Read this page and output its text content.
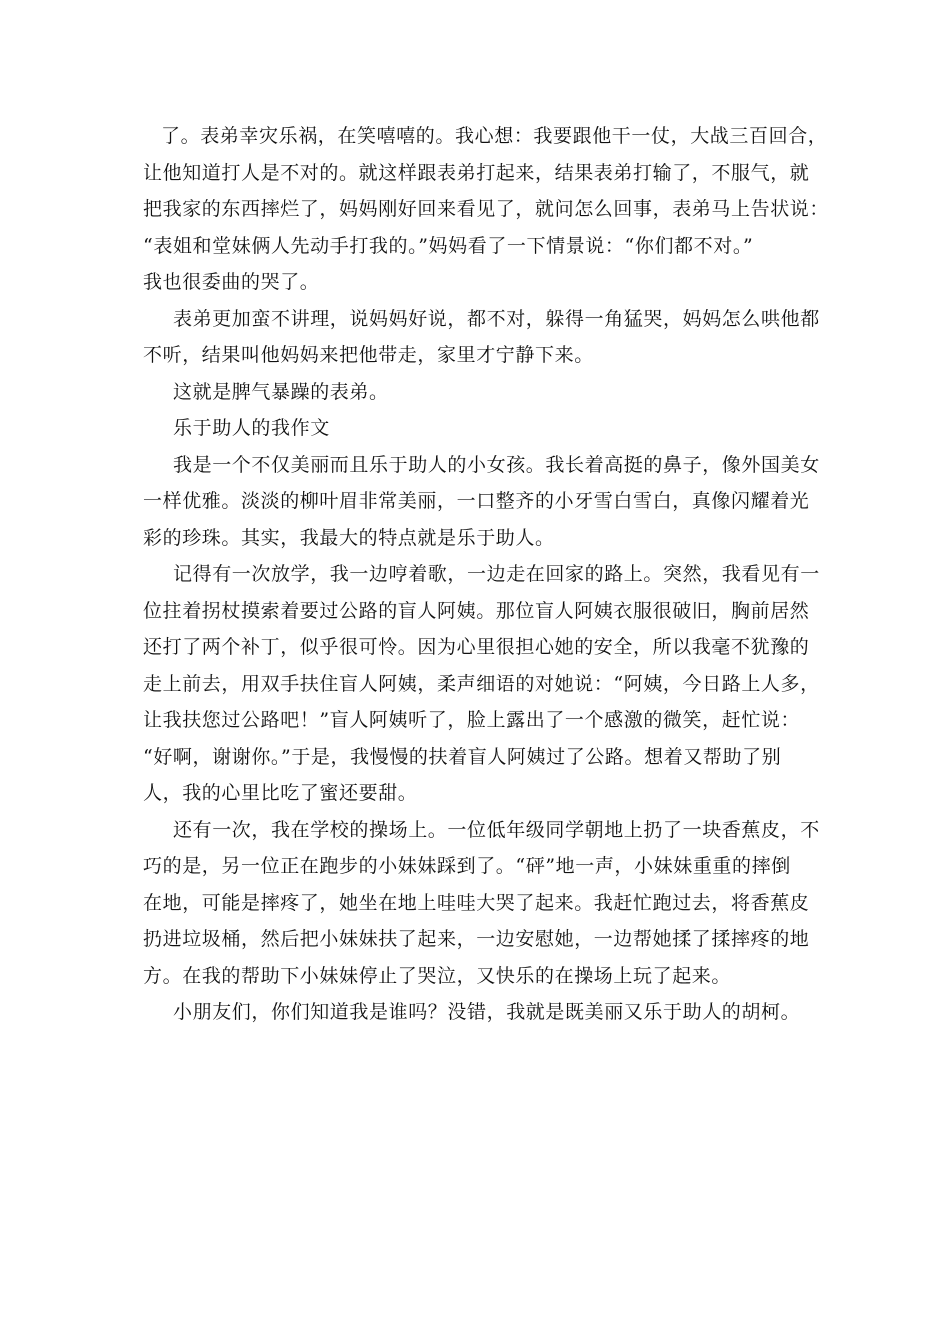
了。表弟幸灾乐祸，在笑嘻嘻的。我心想：我要跟他干一仗，大战三百回合，
让他知道打人是不对的。就这样跟表弟打起来，结果表弟打输了，不服气，就
把我家的东西摔烂了，妈妈刚好回来看见了，就问怎么回事，表弟马上告状说：
“表姐和堂妹俩人先动手打我的。”妈妈看了一下情景说：“你们都不对。”
我也很委曲的哭了。
表弟更加蛮不讲理，说妈妈好说，都不对，躲得一角猛哭，妈妈怎么哄他都
不听，结果叫他妈妈来把他带走，家里才宁静下来。
这就是脾气暴躁的表弟。
乐于助人的我作文
我是一个不仅美丽而且乐于助人的小女孩。我长着高挺的鼻子，像外国美女
一样优雅。淡淡的柳叶眉非常美丽，一口整齐的小牙雪白雪白，真像闪耀着光
彩的珍珠。其实，我最大的特点就是乐于助人。
记得有一次放学，我一边哼着歌，一边走在回家的路上。突然，我看见有一
位拄着拐杖摸索着要过公路的盲人阿姨。那位盲人阿姨衣服很破旧，胸前居然
还打了两个补丁，似乎很可怜。因为心里很担心她的安全，所以我毫不犹豫的
走上前去，用双手扶住盲人阿姨，柔声细语的对她说：“阿姨，今日路上人多，
让我扶您过公路吧！”盲人阿姨听了，脸上露出了一个感激的微笑，赶忙说：
“好啊，谢谢你。”于是，我慢慢的扶着盲人阿姨过了公路。想着又帮助了别
人，我的心里比吃了蜜还要甜。
还有一次，我在学校的操场上。一位低年级同学朝地上扔了一块香蕉皮，不
巧的是，另一位正在跑步的小妹妹踩到了。“砰”地一声，小妹妹重重的摔倒
在地，可能是摔疼了，她坐在地上哇哇大哭了起来。我赶忙跑过去，将香蕉皮
扔进垃圾桶，然后把小妹妹扶了起来，一边安慰她，一边帮她揉了揉摔疼的地
方。在我的帮助下小妹妹停止了哭泣，又快乐的在操场上玩了起来。
小朋友们，你们知道我是谁吗？没错，我就是既美丽又乐于助人的胡柯。
